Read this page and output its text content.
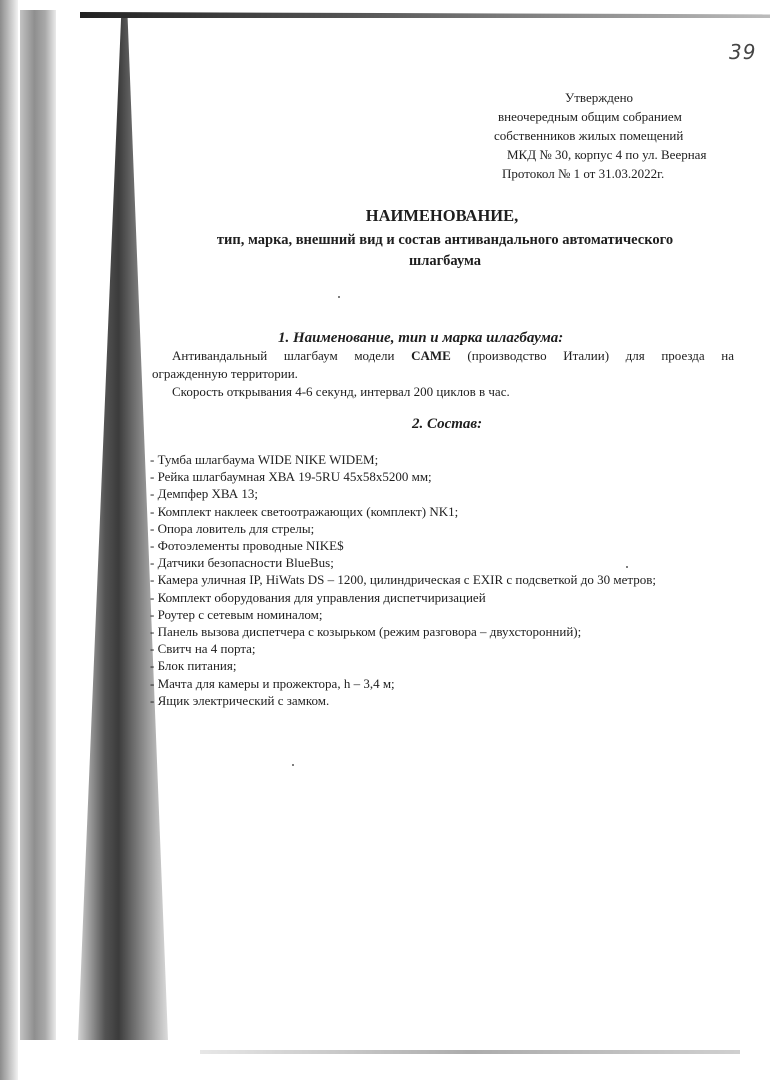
39
Утверждено
внеочередным общим собранием
собственников жилых помещений
МКД № 30, корпус 4 по ул. Веерная
Протокол № 1 от 31.03.2022г.
НАИМЕНОВАНИЕ,
тип, марка, внешний вид и состав антивандального автоматического
шлагбаума
1. Наименование, тип и марка шлагбаума:
Антивандальный шлагбаум модели CAME (производство Италии) для проезда на
огражденную территории.
Скорость открывания 4-6 секунд, интервал 200 циклов в час.
2. Состав:
- Тумба шлагбаума WIDE NIKE WIDEM;
- Рейка шлагбаумная ХВА 19-5RU 45х58х5200 мм;
- Демпфер ХВА 13;
- Комплект наклеек светоотражающих (комплект) NK1;
- Опора ловитель для стрелы;
- Фотоэлементы проводные NIKE$
- Датчики безопасности BlueBus;
- Камера уличная IP, HiWats DS – 1200, цилиндрическая с EXIR с подсветкой до 30 метров;
- Комплект оборудования для управления диспетчиризацией
- Роутер с сетевым номиналом;
- Панель вызова диспетчера с козырьком (режим разговора – двухсторонний);
- Свитч на 4 порта;
- Блок питания;
- Мачта для камеры и прожектора, h – 3,4 м;
- Ящик электрический с замком.
